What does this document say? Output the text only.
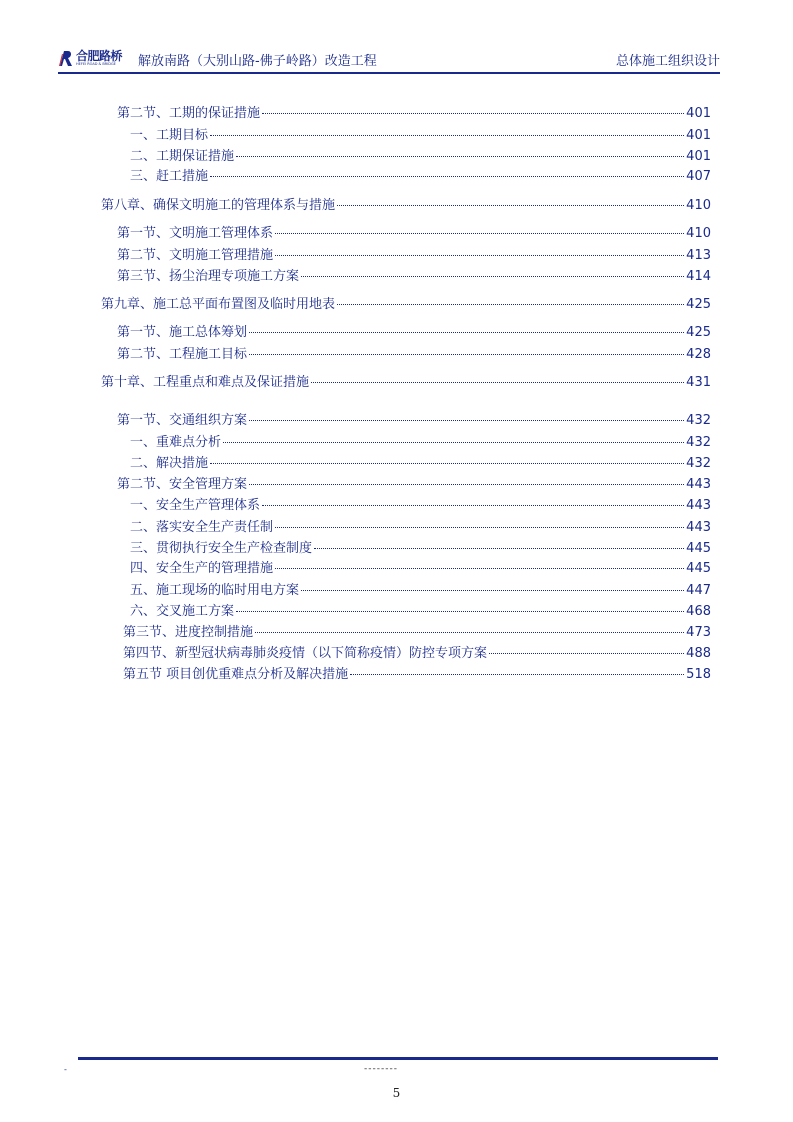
合肥路桥
HEFEI ROAD & BRIDGE	解放南路（大别山路-佛子岭路）改造工程	总体施工组织设计
第二节、工期的保证措施	401
一、工期目标	401
二、工期保证措施	401
三、赶工措施	407
第八章、确保文明施工的管理体系与措施	410
第一节、文明施工管理体系	410
第二节、文明施工管理措施	413
第三节、扬尘治理专项施工方案	414
第九章、施工总平面布置图及临时用地表	425
第一节、施工总体筹划	425
第二节、工程施工目标	428
第十章、工程重点和难点及保证措施	431
第一节、交通组织方案	432
一、重难点分析	432
二、解决措施	432
第二节、安全管理方案	443
一、安全生产管理体系	443
二、落实安全生产责任制	443
三、贯彻执行安全生产检查制度	445
四、安全生产的管理措施	445
五、施工现场的临时用电方案	447
六、交叉施工方案	468
第三节、进度控制措施	473
第四节、新型冠状病毒肺炎疫情（以下简称疫情）防控专项方案	488
第五节 项目创优重难点分析及解决措施	518
-	--------
5
